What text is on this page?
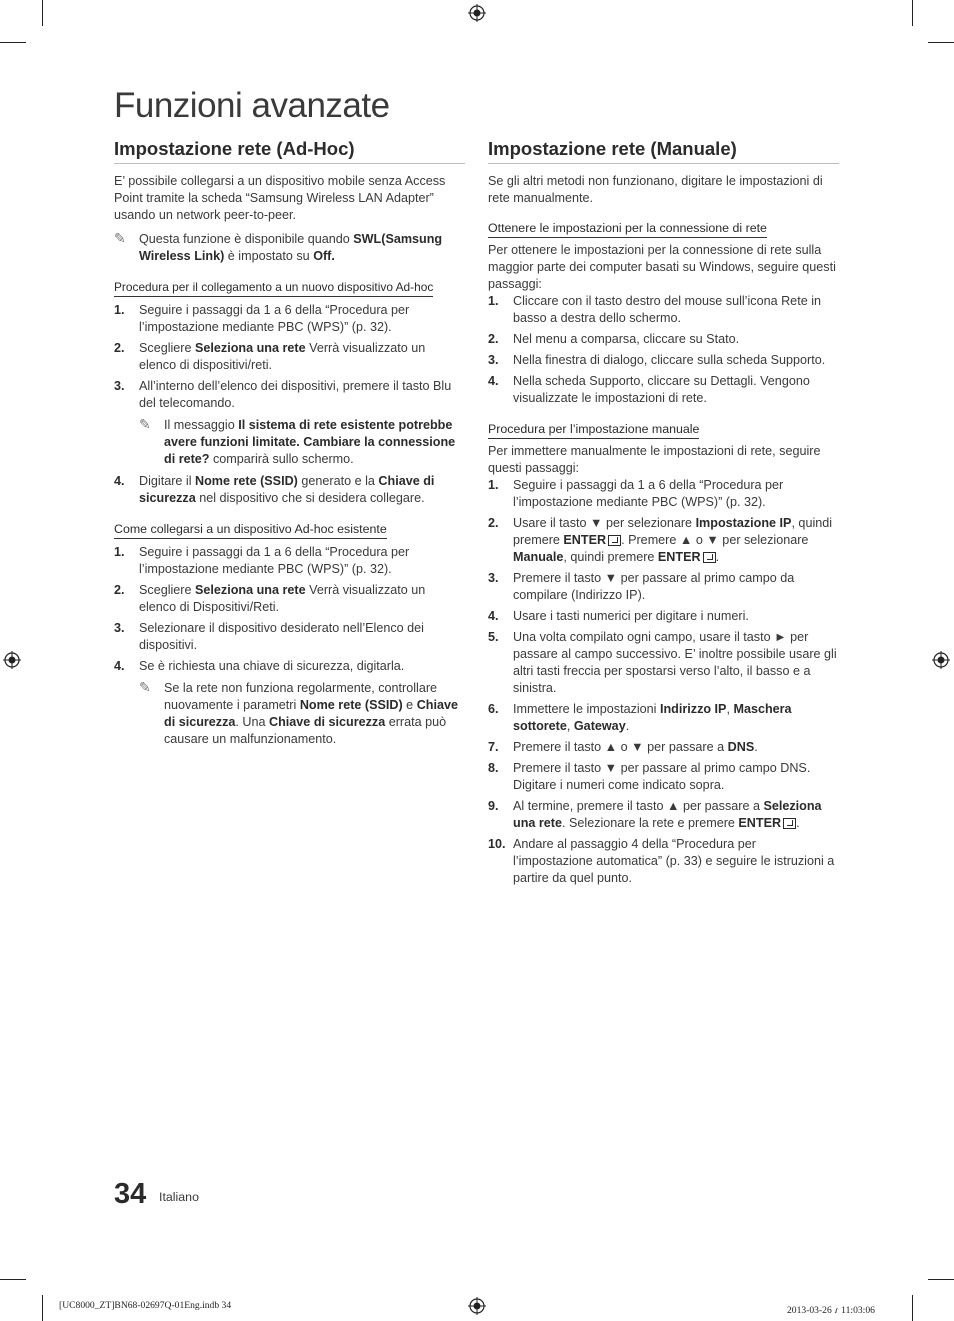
Funzioni avanzate
Impostazione rete (Ad-Hoc)

E’ possibile collegarsi a un dispositivo mobile senza Access Point tramite la scheda “Samsung Wireless LAN Adapter” usando un network peer-to-peer.

✎ Questa funzione è disponibile quando SWL(Samsung Wireless Link) è impostato su Off.
Procedura per il collegamento a un nuovo dispositivo Ad-hoc
1. Seguire i passaggi da 1 a 6 della “Procedura per l’impostazione mediante PBC (WPS)” (p. 32).
2. Scegliere Seleziona una rete Verrà visualizzato un elenco di dispositivi/reti.
3. All’interno dell’elenco dei dispositivi, premere il tasto Blu del telecomando.
✎ Il messaggio Il sistema di rete esistente potrebbe avere funzioni limitate. Cambiare la connessione di rete? comparirà sullo schermo.
4. Digitare il Nome rete (SSID) generato e la Chiave di sicurezza nel dispositivo che si desidera collegare.
Come collegarsi a un dispositivo Ad-hoc esistente
1. Seguire i passaggi da 1 a 6 della “Procedura per l’impostazione mediante PBC (WPS)” (p. 32).
2. Scegliere Seleziona una rete Verrà visualizzato un elenco di Dispositivi/Reti.
3. Selezionare il dispositivo desiderato nell’Elenco dei dispositivi.
4. Se è richiesta una chiave di sicurezza, digitarla.
✎ Se la rete non funziona regolarmente, controllare nuovamente i parametri Nome rete (SSID) e Chiave di sicurezza. Una Chiave di sicurezza errata può causare un malfunzionamento.
Impostazione rete (Manuale)

Se gli altri metodi non funzionano, digitare le impostazioni di rete manualmente.

Ottenere le impostazioni per la connessione di rete

Per ottenere le impostazioni per la connessione di rete sulla maggior parte dei computer basati su Windows, seguire questi passaggi:

1. Cliccare con il tasto destro del mouse sull’icona Rete in basso a destra dello schermo.
2. Nel menu a comparsa, cliccare su Stato.
3. Nella finestra di dialogo, cliccare sulla scheda Supporto.
4. Nella scheda Supporto, cliccare su Dettagli. Vengono visualizzate le impostazioni di rete.
Procedura per l’impostazione manuale

Per immettere manualmente le impostazioni di rete, seguire questi passaggi:

1. Seguire i passaggi da 1 a 6 della “Procedura per l’impostazione mediante PBC (WPS)” (p. 32).
2. Usare il tasto ▼ per selezionare Impostazione IP, quindi premere ENTER . Premere ▲ o ▼ per selezionare Manuale, quindi premere ENTER .
3. Premere il tasto ▼ per passare al primo campo da compilare (Indirizzo IP).
4. Usare i tasti numerici per digitare i numeri.
5. Una volta compilato ogni campo, usare il tasto ► per passare al campo successivo. E’ inoltre possibile usare gli altri tasti freccia per spostarsi verso l’alto, il basso e a sinistra.
6. Immettere le impostazioni Indirizzo IP, Maschera sottorete, Gateway.
7. Premere il tasto ▲ o ▼ per passare a DNS.
8. Premere il tasto ▼ per passare al primo campo DNS. Digitare i numeri come indicato sopra.
9. Al termine, premere il tasto ▲ per passare a Seleziona una rete. Selezionare la rete e premere ENTER .
10. Andare al passaggio 4 della “Procedura per l’impostazione automatica” (p. 33) e seguire le istruzioni a partire da quel punto.
34 Italiano
[UC8000_ZT]BN68-02697Q-01Eng.indb 34	2013-03-26 ꪹ 11:03:06
